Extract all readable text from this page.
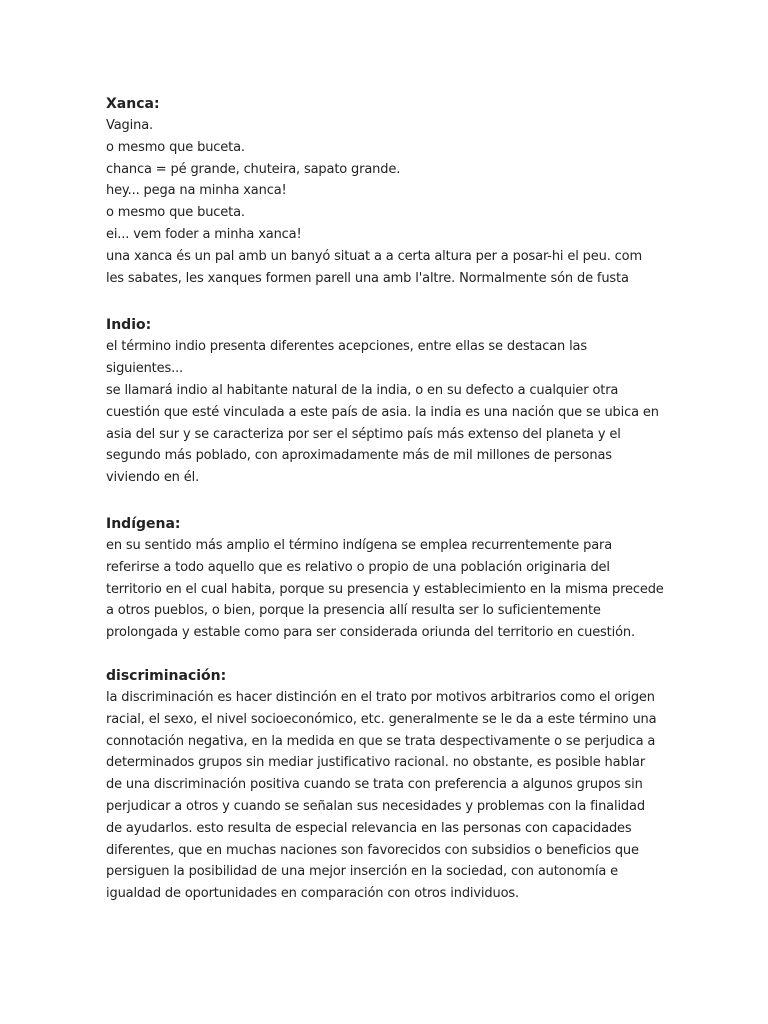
Xanca:

Vagina.

o mesmo que buceta.

chanca = pé grande, chuteira, sapato grande.

hey... pega na minha xanca!

o mesmo que buceta.

ei... vem foder a minha xanca!

una xanca és un pal amb un banyó situat a a certa altura per a posar-hi el peu. com

les sabates, les xanques formen parell una amb l'altre. Normalmente són de fusta

Indio:

el término indio presenta diferentes acepciones, entre ellas se destacan las

siguientes...

se llamará indio al habitante natural de la india, o en su defecto a cualquier otra

cuestión que esté vinculada a este país de asia. la india es una nación que se ubica en

asia del sur y se caracteriza por ser el séptimo país más extenso del planeta y el

segundo más poblado, con aproximadamente más de mil millones de personas

viviendo en él.

Indígena:

en su sentido más amplio el término indígena se emplea recurrentemente para

referirse a todo aquello que es relativo o propio de una población originaria del

territorio en el cual habita, porque su presencia y establecimiento en la misma precede

a otros pueblos, o bien, porque la presencia allí resulta ser lo suficientemente

prolongada y estable como para ser considerada oriunda del territorio en cuestión.

discriminación:

la discriminación es hacer distinción en el trato por motivos arbitrarios como el origen

racial, el sexo, el nivel socioeconómico, etc. generalmente se le da a este término una

connotación negativa, en la medida en que se trata despectivamente o se perjudica a

determinados grupos sin mediar justificativo racional. no obstante, es posible hablar

de una discriminación positiva cuando se trata con preferencia a algunos grupos sin

perjudicar a otros y cuando se señalan sus necesidades y problemas con la finalidad

de ayudarlos. esto resulta de especial relevancia en las personas con capacidades

diferentes, que en muchas naciones son favorecidos con subsidios o beneficios que

persiguen la posibilidad de una mejor inserción en la sociedad, con autonomía e

igualdad de oportunidades en comparación con otros individuos.
